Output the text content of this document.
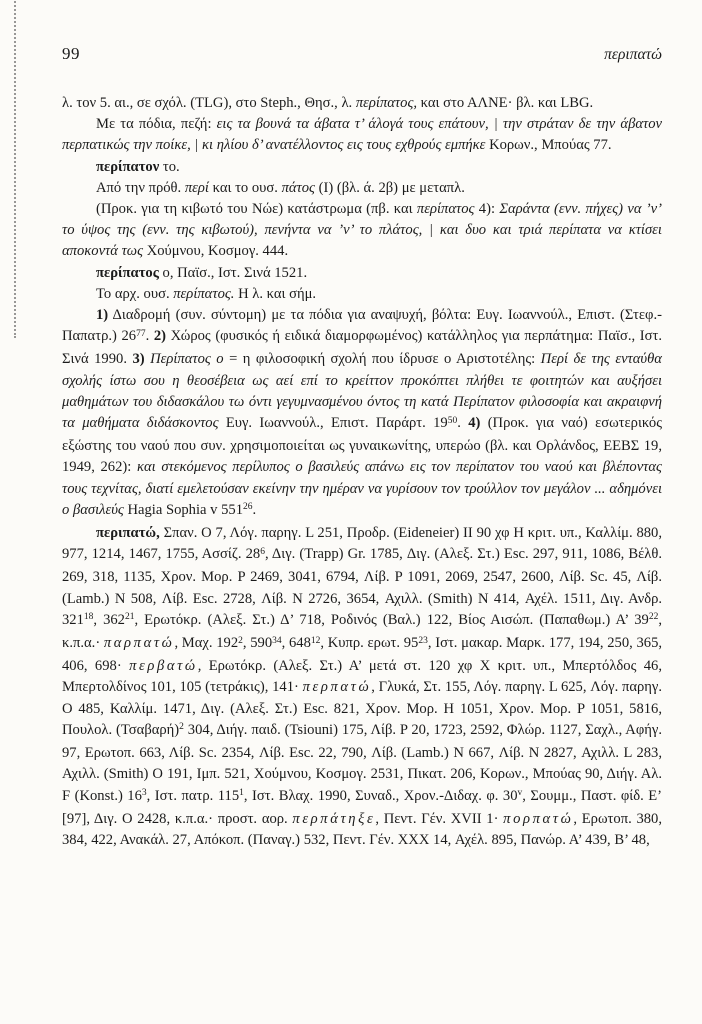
99	περιπατώ

λ. τον 5. αι., σε σχόλ. (TLG), στο Steph., Θησ., λ. περίπατος, και στο ΑΛΝΕ· βλ. και LBG.

Με τα πόδια, πεζή: εις τα βουνά τα άβατα τ’ άλογά τους επάτουν, | την στράταν δε την άβατον περπατικώς την ποίκε, | κι ηλίου δ’ ανατέλλοντος εις τους εχθρούς εμπήκε Κορων., Μπούας 77.

περίπατον το.

Από την πρόθ. περί και το ουσ. πάτος (Ι) (βλ. ά. 2β) με μεταπλ.

(Προκ. για τη κιβωτό του Νώε) κατάστρωμα (πβ. και περίπατος 4): Σαράντα (ενν. πήχες) να ’ν’ το ύψος της (ενν. της κιβωτού), πενήντα να ’ν’ το πλάτος, | και δυο και τριά περίπατα να κτίσει αποκοντά τως Χούμνου, Κοσμογ. 444.

περίπατος ο, Παϊσ., Ιστ. Σινά 1521.

Το αρχ. ουσ. περίπατος. Η λ. και σήμ.

1) Διαδρομή (συν. σύντομη) με τα πόδια για αναψυχή, βόλτα: Ευγ. Ιωαννούλ., Επιστ. (Στεφ.-Παπατρ.) $26^{77}$. 2) Χώρος (φυσικός ή ειδικά διαμορφωμένος) κατάλληλος για περπάτημα: Παϊσ., Ιστ. Σινά 1990. 3) Περίπατος ο = η φιλοσοφική σχολή που ίδρυσε ο Αριστοτέλης: Περί δε της ενταύθα σχολής ίστω σου η θεοσέβεια ως αεί επί το κρείττον προκόπτει πλήθει τε φοιτητών και αυξήσει μαθημάτων του διδασκάλου τω όντι γεγυμνασμένου όντος τη κατά Περίπατον φιλοσοφία και ακραιφνή τα μαθήματα διδάσκοντος Ευγ. Ιωαννούλ., Επιστ. Παράρτ. $19^{50}$. 4) (Προκ. για ναό) εσωτερικός εξώστης του ναού που συν. χρησιμοποιείται ως γυναικωνίτης, υπερώο (βλ. και Ορλάνδος, ΕΕΒΣ 19, 1949, 262): και στεκόμενος περίλυπος ο βασιλεύς απάνω εις τον περίπατον του ναού και βλέποντας τους τεχνίτας, διατί εμελετούσαν εκείνην την ημέραν να γυρίσουν τον τρούλλον τον μεγάλον ... αδημόνει ο βασιλεύς Hagia Sophia v $551^{26}$.

περιπατώ, Σπαν. Ο 7, Λόγ. παρηγ. L 251, Προδρ. (Eideneier) ΙΙ 90 χφ Η κριτ. υπ., Καλλίμ. 880, 977, 1214, 1467, 1755, Ασσίζ. $28^6$, Διγ. (Trapp) Gr. 1785, Διγ. (Αλεξ. Στ.) Esc. 297, 911, 1086, Βέλθ. 269, 318, 1135, Χρον. Μορ. P 2469, 3041, 6794, Λίβ. P 1091, 2069, 2547, 2600, Λίβ. Sc. 45, Λίβ. (Lamb.) N 508, Λίβ. Esc. 2728, Λίβ. N 2726, 3654, Αχιλλ. (Smith) N 414, Αχέλ. 1511, Διγ. Ανδρ. $321^{18}$, $362^{21}$, Ερωτόκρ. (Αλεξ. Στ.) Δ’ 718, Ροδινός (Βαλ.) 122, Βίος Αισώπ. (Παπαθωμ.) Α’ $39^{22}$, κ.π.α.· παρπατώ, Μαχ. $192^2$, $590^{34}$, $648^{12}$, Κυπρ. ερωτ. $95^{23}$, Ιστ. μακαρ. Μαρκ. 177, 194, 250, 365, 406, 698· περβατώ, Ερωτόκρ. (Αλεξ. Στ.) Α’ μετά στ. 120 χφ Χ κριτ. υπ., Μπερτόλδος 46, Μπερτολδίνος 101, 105 (τετράκις), 141· περπατώ, Γλυκά, Στ. 155, Λόγ. παρηγ. L 625, Λόγ. παρηγ. Ο 485, Καλλίμ. 1471, Διγ. (Αλεξ. Στ.) Esc. 821, Χρον. Μορ. Η 1051, Χρον. Μορ. P 1051, 5816, Πουλολ. $(T\sigma\alpha\beta\alpha\rho ή)^2$ 304, Διήγ. παιδ. (Tsiouni) 175, Λίβ. P 20, 1723, 2592, Φλώρ. 1127, Σαχλ., Αφήγ. 97, Ερωτοπ. 663, Λίβ. Sc. 2354, Λίβ. Esc. 22, 790, Λίβ. (Lamb.) N 667, Λίβ. N 2827, Αχιλλ. L 283, Αχιλλ. (Smith) Ο 191, Ιμπ. 521, Χούμνου, Κοσμογ. 2531, Πικατ. 206, Κορων., Μπούας 90, Διήγ. Αλ. F (Konst.) $16^3$, Ιστ. πατρ. $115^1$, Ιστ. Βλαχ. 1990, Συναδ., Χρον.-Διδαχ. φ. 30$^v$, Σουμμ., Παστ. φίδ. Ε’ [97], Διγ. Ο 2428, κ.π.α.· προστ. αορ. περπάτηξε, Πεντ. Γέν. XVII 1· πορπατώ, Ερωτοπ. 380, 384, 422, Ανακάλ. 27, Απόκοπ. (Παναγ.) 532, Πεντ. Γέν. XXX 14, Αχέλ. 895, Πανώρ. Α’ 439, Β’ 48,
